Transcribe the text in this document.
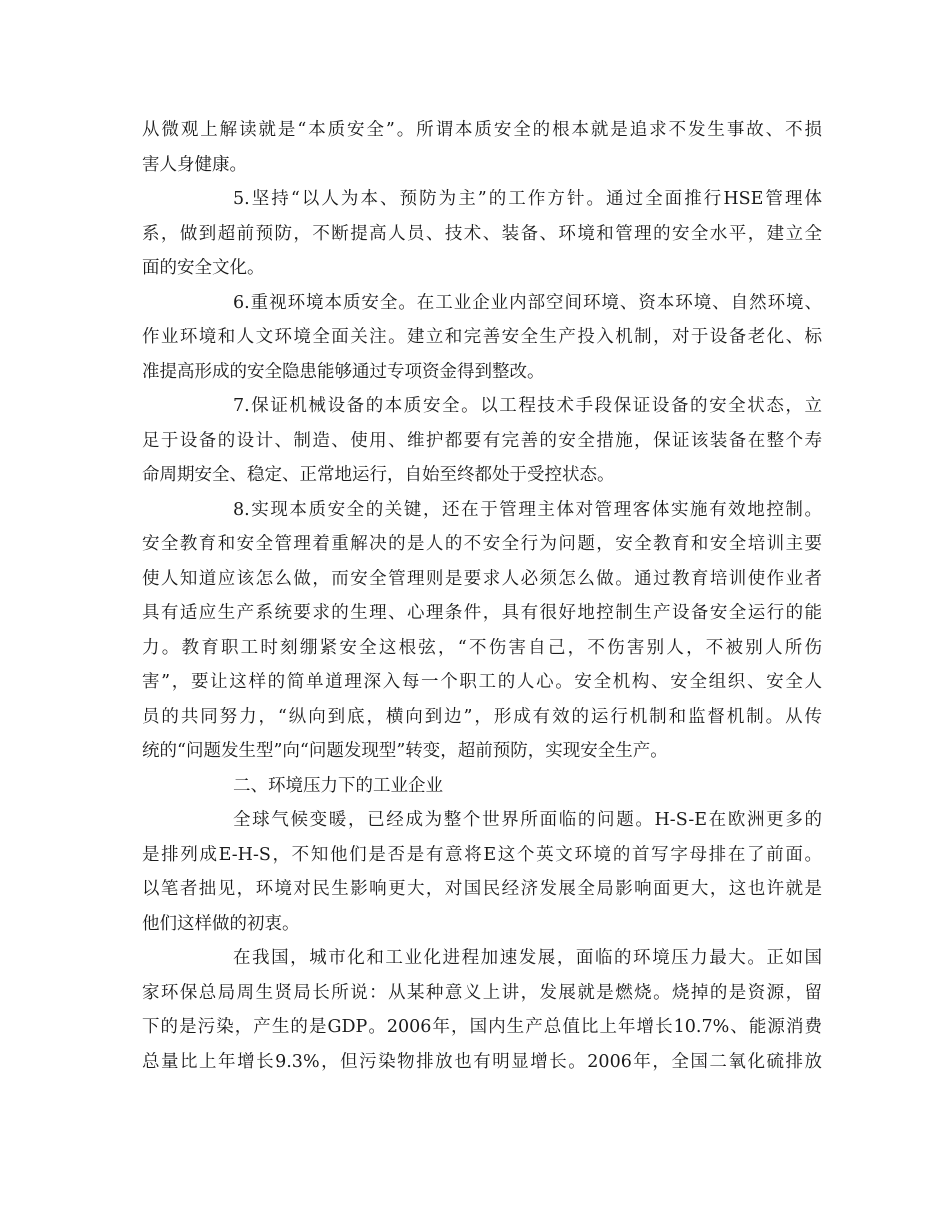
从微观上解读就是“本质安全”。所谓本质安全的根本就是追求不发生事故、不损
害人身健康。
5.坚持“以人为本、预防为主”的工作方针。通过全面推行HSE管理体
系，做到超前预防，不断提高人员、技术、装备、环境和管理的安全水平，建立全
面的安全文化。
6.重视环境本质安全。在工业企业内部空间环境、资本环境、自然环境、
作业环境和人文环境全面关注。建立和完善安全生产投入机制，对于设备老化、标
准提高形成的安全隐患能够通过专项资金得到整改。
7.保证机械设备的本质安全。以工程技术手段保证设备的安全状态，立
足于设备的设计、制造、使用、维护都要有完善的安全措施，保证该装备在整个寿
命周期安全、稳定、正常地运行，自始至终都处于受控状态。
8.实现本质安全的关键，还在于管理主体对管理客体实施有效地控制。
安全教育和安全管理着重解决的是人的不安全行为问题，安全教育和安全培训主要
使人知道应该怎么做，而安全管理则是要求人必须怎么做。通过教育培训使作业者
具有适应生产系统要求的生理、心理条件，具有很好地控制生产设备安全运行的能
力。教育职工时刻绷紧安全这根弦，“不伤害自己，不伤害别人，不被别人所伤
害”，要让这样的简单道理深入每一个职工的人心。安全机构、安全组织、安全人
员的共同努力，“纵向到底，横向到边”，形成有效的运行机制和监督机制。从传
统的“问题发生型”向“问题发现型”转变，超前预防，实现安全生产。
二、环境压力下的工业企业
全球气候变暖，已经成为整个世界所面临的问题。H-S-E在欧洲更多的
是排列成E-H-S，不知他们是否是有意将E这个英文环境的首写字母排在了前面。
以笔者拙见，环境对民生影响更大，对国民经济发展全局影响面更大，这也许就是
他们这样做的初衷。
在我国，城市化和工业化进程加速发展，面临的环境压力最大。正如国
家环保总局周生贤局长所说：从某种意义上讲，发展就是燃烧。烧掉的是资源，留
下的是污染，产生的是GDP。2006年，国内生产总值比上年增长10.7%、能源消费
总量比上年增长9.3%，但污染物排放也有明显增长。2006年，全国二氧化硫排放
